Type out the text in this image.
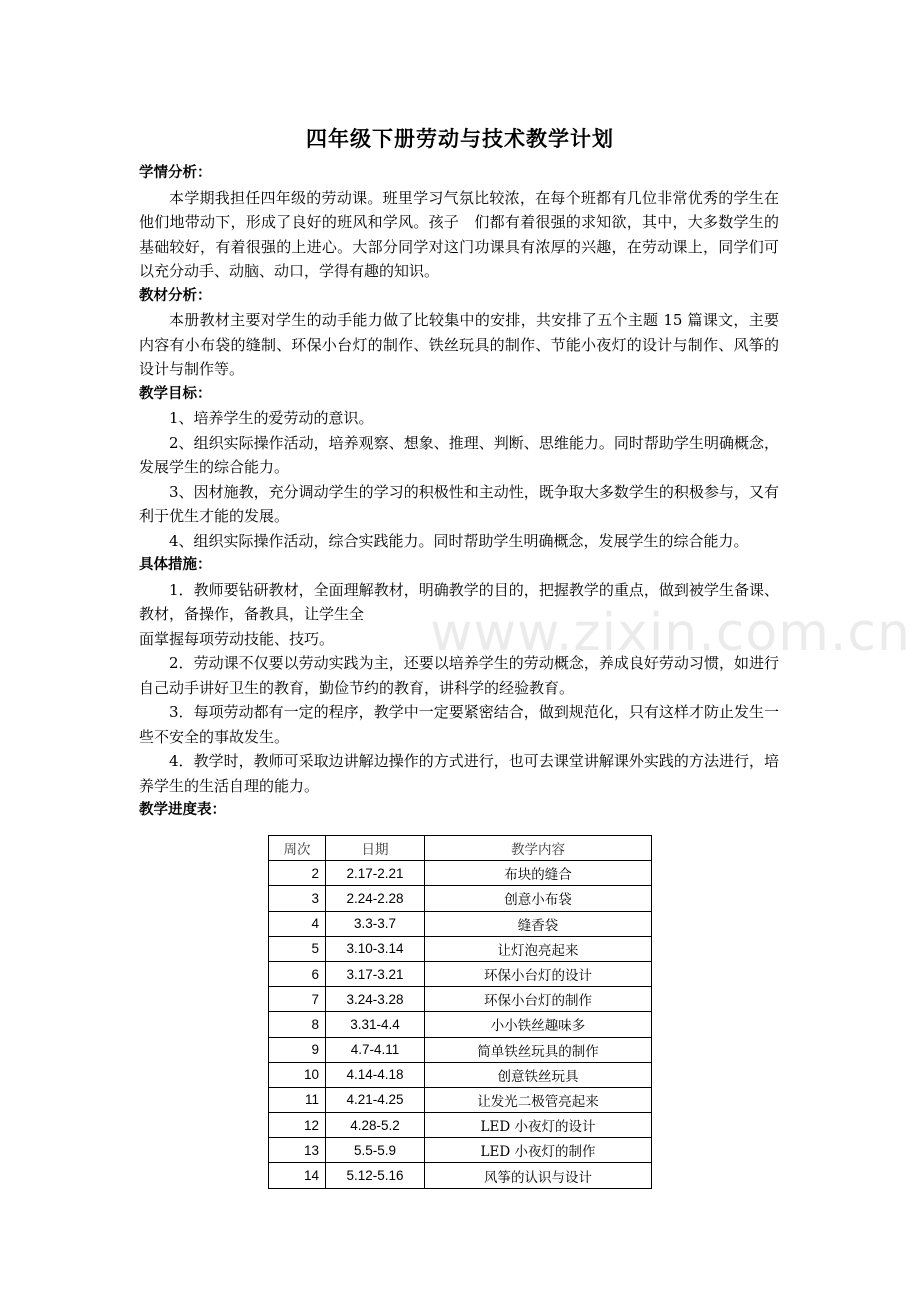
四年级下册劳动与技术教学计划
www.zixin.com.cn
学情分析：
本学期我担任四年级的劳动课。班里学习气氛比较浓，在每个班都有几位非常优秀的学生在他们地带动下，形成了良好的班风和学风。孩子　们都有着很强的求知欲，其中，大多数学生的基础较好，有着很强的上进心。大部分同学对这门功课具有浓厚的兴趣，在劳动课上，同学们可以充分动手、动脑、动口，学得有趣的知识。
教材分析：
本册教材主要对学生的动手能力做了比较集中的安排，共安排了五个主题 15 篇课文，主要内容有小布袋的缝制、环保小台灯的制作、铁丝玩具的制作、节能小夜灯的设计与制作、风筝的设计与制作等。
教学目标：
1、培养学生的爱劳动的意识。
2、组织实际操作活动，培养观察、想象、推理、判断、思维能力。同时帮助学生明确概念，发展学生的综合能力。
3、因材施教，充分调动学生的学习的积极性和主动性，既争取大多数学生的积极参与，又有利于优生才能的发展。
4、组织实际操作活动，综合实践能力。同时帮助学生明确概念，发展学生的综合能力。
具体措施：
1．教师要钻研教材，全面理解教材，明确教学的目的，把握教学的重点，做到被学生备课、教材，备操作，备教具，让学生全
面掌握每项劳动技能、技巧。
2．劳动课不仅要以劳动实践为主，还要以培养学生的劳动概念，养成良好劳动习惯，如进行自己动手讲好卫生的教育，勤俭节约的教育，讲科学的经验教育。
3．每项劳动都有一定的程序，教学中一定要紧密结合，做到规范化，只有这样才防止发生一些不安全的事故发生。
4．教学时，教师可采取边讲解边操作的方式进行，也可去课堂讲解课外实践的方法进行，培养学生的生活自理的能力。
教学进度表：
周次	日期	教学内容
2	2.17-2.21	布块的缝合
3	2.24-2.28	创意小布袋
4	3.3-3.7	缝香袋
5	3.10-3.14	让灯泡亮起来
6	3.17-3.21	环保小台灯的设计
7	3.24-3.28	环保小台灯的制作
8	3.31-4.4	小小铁丝趣味多
9	4.7-4.11	简单铁丝玩具的制作
10	4.14-4.18	创意铁丝玩具
11	4.21-4.25	让发光二极管亮起来
12	4.28-5.2	LED 小夜灯的设计
13	5.5-5.9	LED 小夜灯的制作
14	5.12-5.16	风筝的认识与设计
